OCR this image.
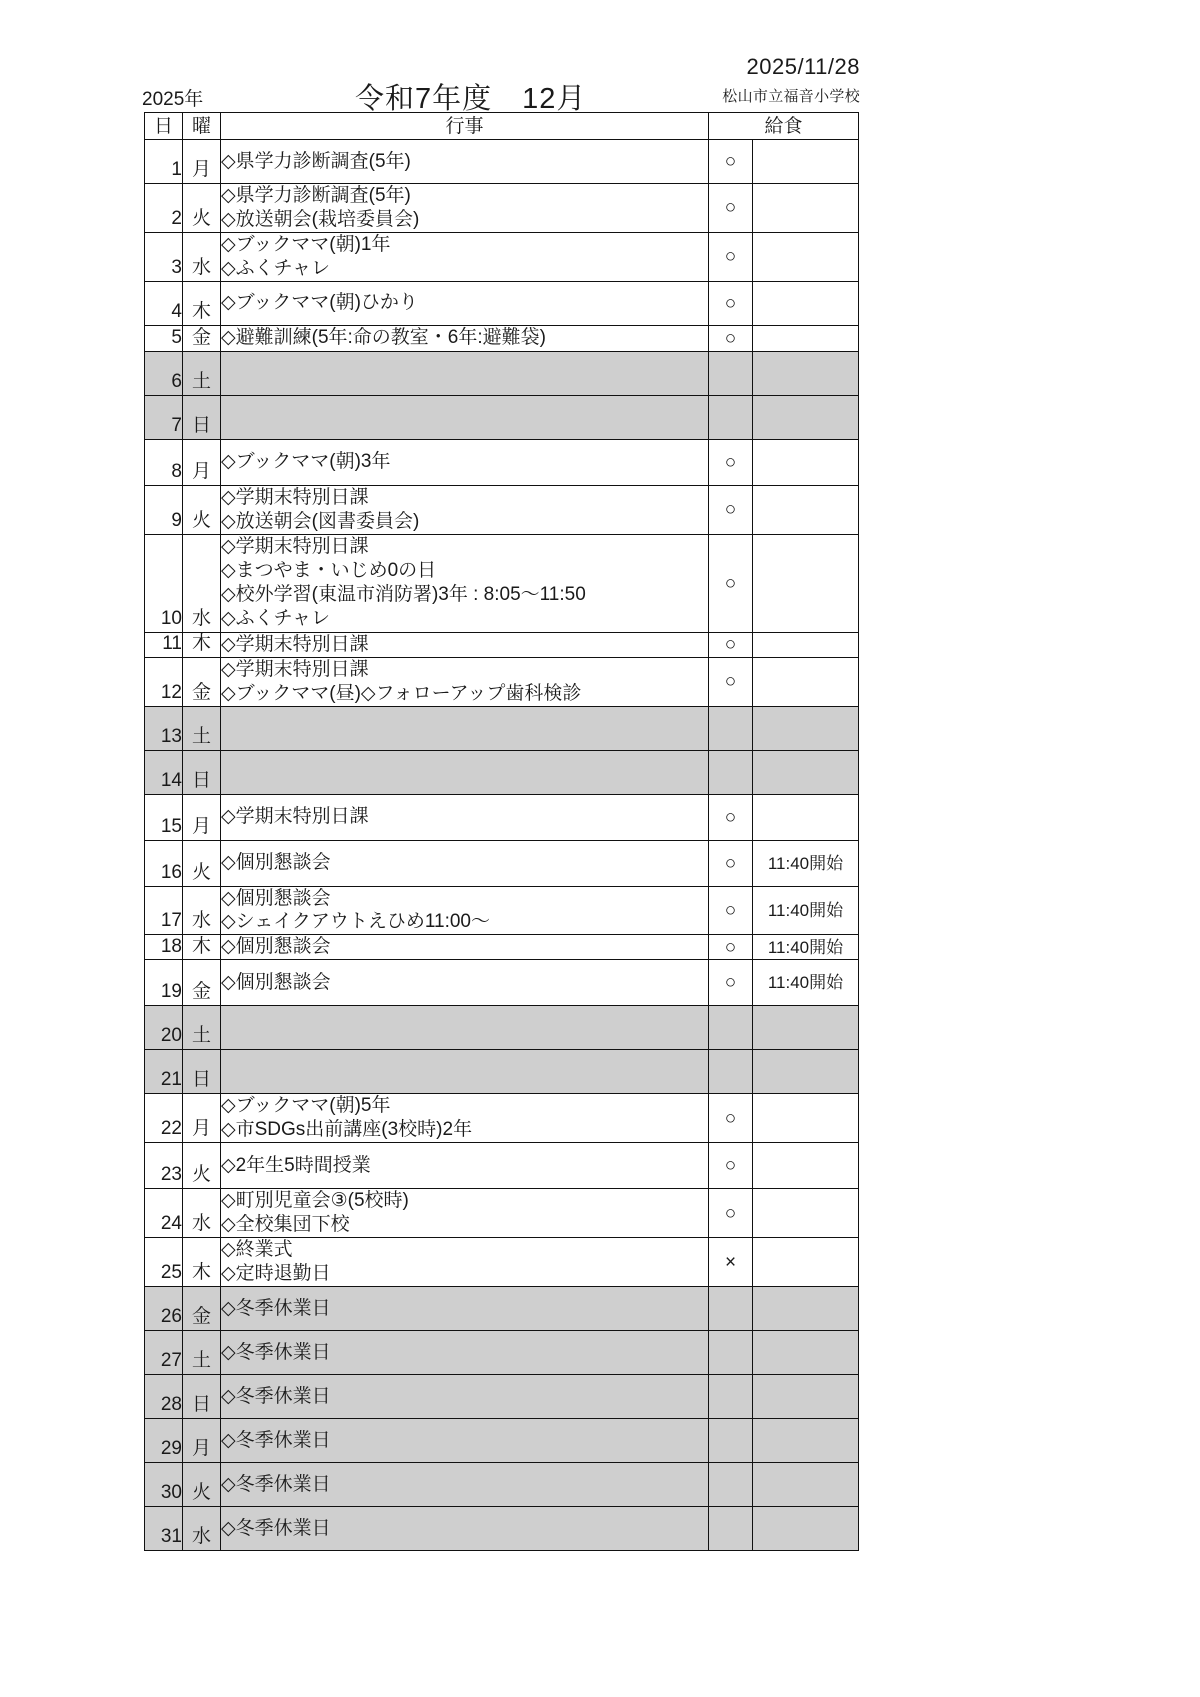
2025/11/28
松山市立福音小学校
2025年	令和7年度　12月
日	曜	行事	給食	
1	月	◇県学力診断調査(5年)	○	
2	火	◇県学力診断調査(5年)
◇放送朝会(栽培委員会)	○	
3	水	◇ブックママ(朝)1年
◇ふくチャレ	○	
4	木	◇ブックママ(朝)ひかり	○	
5	金	◇避難訓練(5年:命の教室・6年:避難袋)	○	
6	土			
7	日			
8	月	◇ブックママ(朝)3年	○	
9	火	◇学期末特別日課
◇放送朝会(図書委員会)	○	
10	水	◇学期末特別日課
◇まつやま・いじめ0の日
◇校外学習(東温市消防署)3年 : 8:05〜11:50
◇ふくチャレ	○	
11	木	◇学期末特別日課	○	
12	金	◇学期末特別日課
◇ブックママ(昼)◇フォローアップ歯科検診	○	
13	土			
14	日			
15	月	◇学期末特別日課	○	
16	火	◇個別懇談会	○	11:40開始
17	水	◇個別懇談会
◇シェイクアウトえひめ11:00〜	○	11:40開始
18	木	◇個別懇談会	○	11:40開始
19	金	◇個別懇談会	○	11:40開始
20	土			
21	日			
22	月	◇ブックママ(朝)5年
◇市SDGs出前講座(3校時)2年	○	
23	火	◇2年生5時間授業	○	
24	水	◇町別児童会③(5校時)
◇全校集団下校	○	
25	木	◇終業式
◇定時退勤日	×	
26	金	◇冬季休業日		

27	土	◇冬季休業日		

28	日	◇冬季休業日		

29	月	◇冬季休業日		

30	火	◇冬季休業日		

31	水	◇冬季休業日		
